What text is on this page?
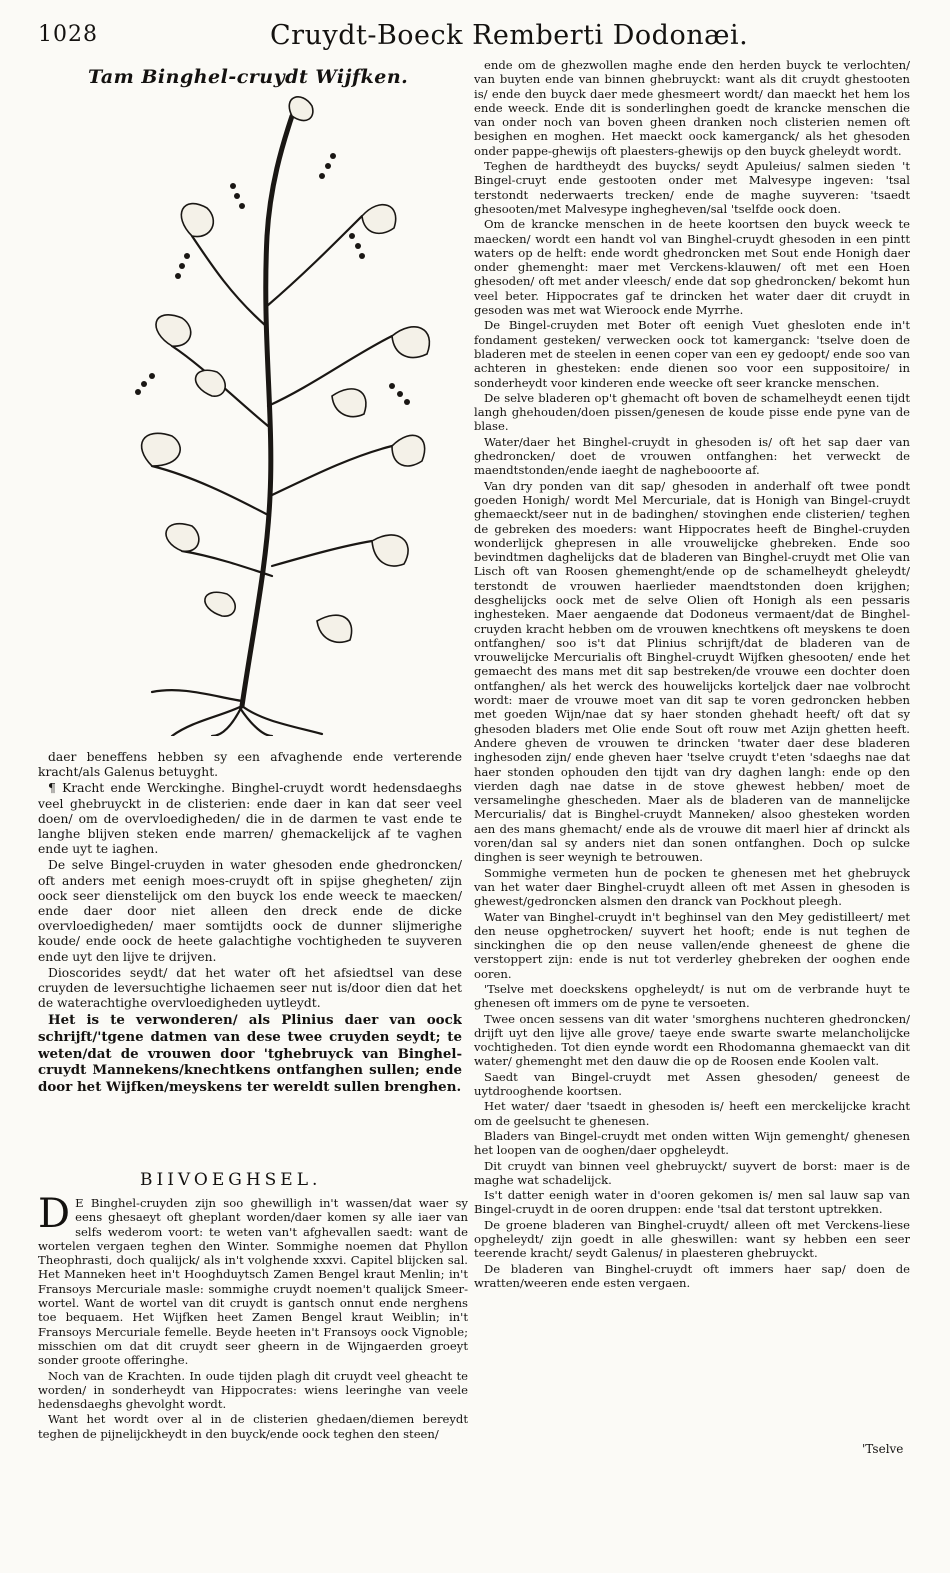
1028	Cruydt-Boeck Remberti Dodonæi.
Tam Binghel-cruydt Wijfken.

ende om de ghezwollen maghe ende den herden buyck te verlochten/ van buyten ende van binnen ghebruyckt: want als dit cruydt ghestooten is/ ende den buyck daer mede ghesmeert wordt/ dan maeckt het hem los ende weeck. Ende dit is sonderlinghen goedt de krancke menschen die van onder noch van boven gheen dranken noch clisterien nemen oft besighen en moghen. Het maeckt oock kamerganck/ als het ghesoden onder pappe-ghewijs oft plaesters-ghewijs op den buyck gheleydt wordt.

Teghen de hardtheydt des buycks/ seydt Apuleius/ salmen sieden 't Bingel-cruyt ende gestooten onder met Malvesype ingeven: 'tsal terstondt nederwaerts trecken/ ende de maghe suyveren: 'tsaedt ghesooten/met Malvesype inghegheven/sal 'tselfde oock doen.

Om de krancke menschen in de heete koortsen den buyck weeck te maecken/ wordt een handt vol van Binghel-cruydt ghesoden in een pintt waters op de helft: ende wordt ghedroncken met Sout ende Honigh daer onder ghemenght: maer met Verckens-klauwen/ oft met een Hoen ghesoden/ oft met ander vleesch/ ende dat sop ghedroncken/ bekomt hun veel beter. Hippocrates gaf te drincken het water daer dit cruydt in gesoden was met wat Wieroock ende Myrrhe.

De Bingel-cruyden met Boter oft eenigh Vuet ghesloten ende in't fondament gesteken/ verwecken oock tot kamerganck: 'tselve doen de bladeren met de steelen in eenen coper van een ey gedoopt/ ende soo van achteren in ghesteken: ende dienen soo voor een suppositoire/ in sonderheydt voor kinderen ende weecke oft seer krancke menschen.

De selve bladeren op't ghemacht oft boven de schamelheydt eenen tijdt langh ghehouden/doen pissen/genesen de koude pisse ende pyne van de blase.

Water/daer het Binghel-cruydt in ghesoden is/ oft het sap daer van ghedroncken/ doet de vrouwen ontfanghen: het verweckt de maendtstonden/ende iaeght de naghebooorte af.

Van dry ponden van dit sap/ ghesoden in anderhalf oft twee pondt goeden Honigh/ wordt Mel Mercuriale, dat is Honigh van Bingel-cruydt ghemaeckt/seer nut in de badinghen/ stovinghen ende clisterien/ teghen de gebreken des moeders: want Hippocrates heeft de Binghel-cruyden wonderlijck ghepresen in alle vrouwelijcke ghebreken. Ende soo bevindtmen daghelijcks dat de bladeren van Binghel-cruydt met Olie van Lisch oft van Roosen ghemenght/ende op de schamelheydt gheleydt/ terstondt de vrouwen haerlieder maendtstonden doen krijghen; desghelijcks oock met de selve Olien oft Honigh als een pessaris inghesteken. Maer aengaende dat Dodoneus vermaent/dat de Binghel-cruyden kracht hebben om de vrouwen knechtkens oft meyskens te doen ontfanghen/ soo is't dat Plinius schrijft/dat de bladeren van de vrouwelijcke Mercurialis oft Binghel-cruydt Wijfken ghesooten/ ende het gemaecht des mans met dit sap bestreken/de vrouwe een dochter doen ontfanghen/ als het werck des houwelijcks korteljck daer nae volbrocht wordt: maer de vrouwe moet van dit sap te voren gedroncken hebben met goeden Wijn/nae dat sy haer stonden ghehadt heeft/ oft dat sy ghesoden bladers met Olie ende Sout oft rouw met Azijn ghetten heeft. Andere gheven de vrouwen te drincken 'twater daer dese bladeren inghesoden zijn/ ende gheven haer 'tselve cruydt t'eten 'sdaeghs nae dat haer stonden ophouden den tijdt van dry daghen langh: ende op den vierden dagh nae datse in de stove ghewest hebben/ moet de versamelinghe ghescheden. Maer als de bladeren van de mannelijcke Mercurialis/ dat is Binghel-cruydt Manneken/ alsoo ghesteken worden aen des mans ghemacht/ ende als de vrouwe dit maerl hier af drinckt als voren/dan sal sy anders niet dan sonen ontfanghen. Doch op sulcke dinghen is seer weynigh te betrouwen.

Sommighe vermeten hun de pocken te ghenesen met het ghebruyck van het water daer Binghel-cruydt alleen oft met Assen in ghesoden is ghewest/gedroncken alsmen den dranck van Pockhout pleegh.

Water van Binghel-cruydt in't beghinsel van den Mey gedistilleert/ met den neuse opghetrocken/ suyvert het hooft; ende is nut teghen de sinckinghen die op den neuse vallen/ende gheneest de ghene die verstoppert zijn: ende is nut tot verderley ghebreken der ooghen ende ooren.

'Tselve met doeckskens opgheleydt/ is nut om de verbrande huyt te ghenesen oft immers om de pyne te versoeten.

Twee oncen sessens van dit water 'smorghens nuchteren ghedroncken/ drijft uyt den lijve alle grove/ taeye ende swarte swarte melancholijcke vochtigheden. Tot dien eynde wordt een Rhodomanna ghemaeckt van dit water/ ghemenght met den dauw die op de Roosen ende Koolen valt.

Saedt van Bingel-cruydt met Assen ghesoden/ geneest de uytdrooghende koortsen.

Het water/ daer 'tsaedt in ghesoden is/ heeft een merckelijcke kracht om de geelsucht te ghenesen.

Bladers van Bingel-cruydt met onden witten Wijn gemenght/ ghenesen het loopen van de ooghen/daer opgheleydt.

Dit cruydt van binnen veel ghebruyckt/ suyvert de borst: maer is de maghe wat schadelijck.

Is't datter eenigh water in d'ooren gekomen is/ men sal lauw sap van Bingel-cruydt in de ooren druppen: ende 'tsal dat terstont uptrekken.

De groene bladeren van Binghel-cruydt/ alleen oft met Verckens-liese opgheleydt/ zijn goedt in alle gheswillen: want sy hebben een seer teerende kracht/ seydt Galenus/ in plaesteren ghebruyckt.

De bladeren van Binghel-cruydt oft immers haer sap/ doen de wratten/weeren ende esten vergaen.

daer beneffens hebben sy een afvaghende ende verterende kracht/als Galenus betuyght.

¶ Kracht ende Werckinghe. Binghel-cruydt wordt hedensdaeghs veel ghebruyckt in de clisterien: ende daer in kan dat seer veel doen/ om de overvloedigheden/ die in de darmen te vast ende te langhe blijven steken ende marren/ ghemackelijck af te vaghen ende uyt te iaghen.

De selve Bingel-cruyden in water ghesoden ende ghedroncken/ oft anders met eenigh moes-cruydt oft in spijse ghegheten/ zijn oock seer dienstelijck om den buyck los ende weeck te maecken/ ende daer door niet alleen den dreck ende de dicke overvloedigheden/ maer somtijdts oock de dunner slijmerighe koude/ ende oock de heete galachtighe vochtigheden te suyveren ende uyt den lijve te drijven.

Dioscorides seydt/ dat het water oft het afsiedtsel van dese cruyden de leversuchtighe lichaemen seer nut is/door dien dat het de waterachtighe overvloedigheden uytleydt.

Het is te verwonderen/ als Plinius daer van oock schrijft/'tgene datmen van dese twee cruyden seydt; te weten/dat de vrouwen door 'tghebruyck van Binghel-cruydt Mannekens/knechtkens ontfanghen sullen; ende door het Wijfken/meyskens ter wereldt sullen brenghen.

BIIVOEGHSEL.

D E Binghel-cruyden zijn soo ghewilligh in't wassen/dat waer sy eens ghesaeyt oft gheplant worden/daer komen sy alle iaer van selfs wederom voort: te weten van't afghevallen saedt: want de wortelen vergaen teghen den Winter. Sommighe noemen dat Phyllon Theophrasti, doch qualijck/ als in't volghende xxxvi. Capitel blijcken sal. Het Manneken heet in't Hooghduytsch Zamen Bengel kraut Menlin; in't Fransoys Mercuriale masle: sommighe cruydt noemen't qualijck Smeer-wortel. Want de wortel van dit cruydt is gantsch onnut ende nerghens toe bequaem. Het Wijfken heet Zamen Bengel kraut Weiblin; in't Fransoys Mercuriale femelle. Beyde heeten in't Fransoys oock Vignoble; misschien om dat dit cruydt seer gheern in de Wijngaerden groeyt sonder groote offeringhe.

Noch van de Krachten. In oude tijden plagh dit cruydt veel gheacht te worden/ in sonderheydt van Hippocrates: wiens leeringhe van veele hedensdaeghs ghevolght wordt.

Want het wordt over al in de clisterien ghedaen/diemen bereydt teghen de pijnelijckheydt in den buyck/ende oock teghen den steen/

'Tselve
